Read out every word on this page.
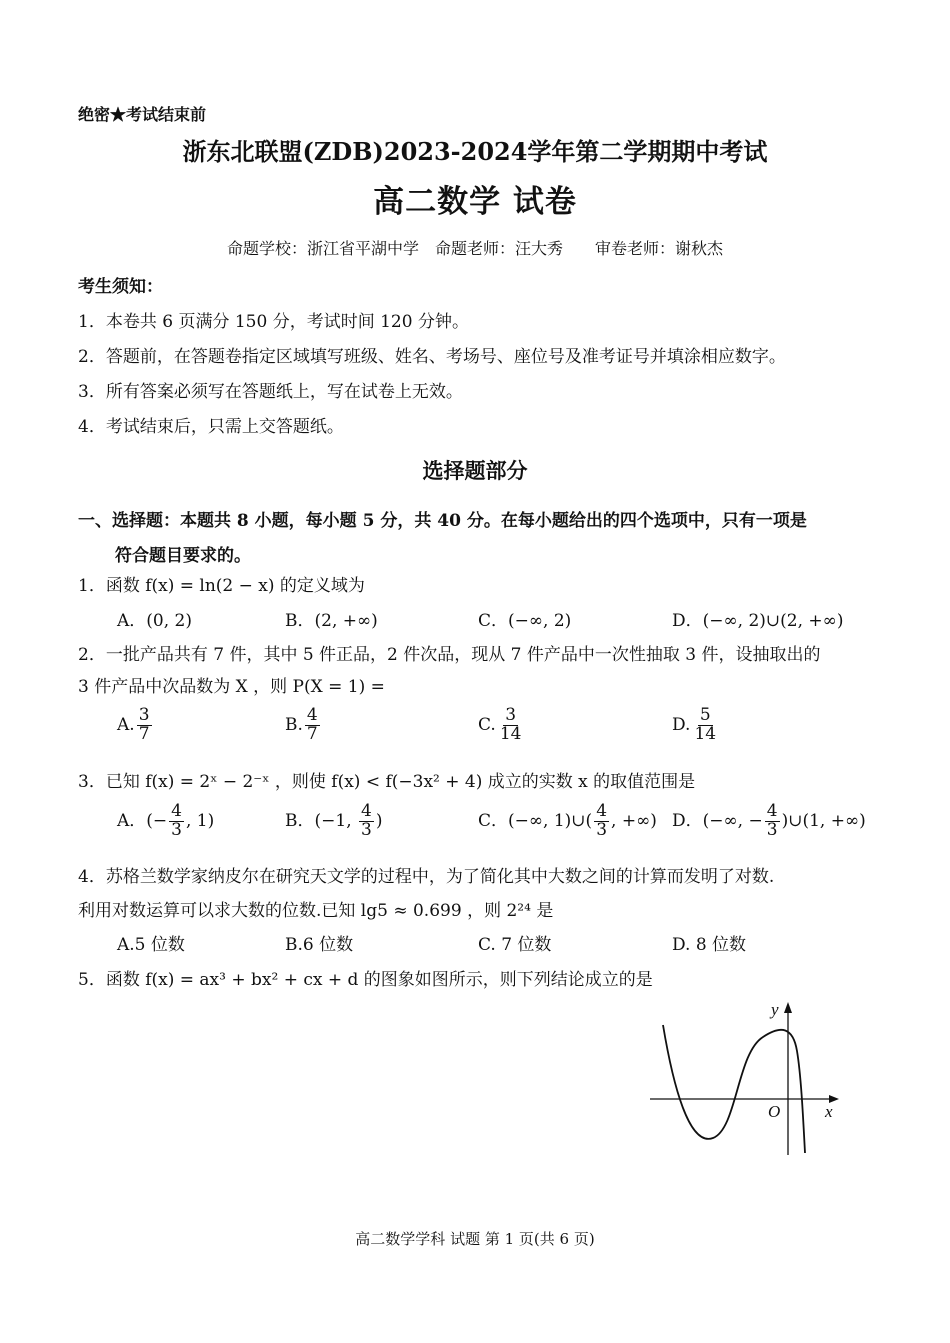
绝密★考试结束前
浙东北联盟(ZDB)2023-2024学年第二学期期中考试
高二数学 试卷
命题学校：浙江省平湖中学　命题老师：汪大秀　　审卷老师：谢秋杰
考生须知：
1．本卷共 6 页满分 150 分，考试时间 120 分钟。
2．答题前，在答题卷指定区域填写班级、姓名、考场号、座位号及准考证号并填涂相应数字。
3．所有答案必须写在答题纸上，写在试卷上无效。
4．考试结束后，只需上交答题纸。
选择题部分
一、选择题：本题共 8 小题，每小题 5 分，共 40 分。在每小题给出的四个选项中，只有一项是
符合题目要求的。
1．函数 f(x) = ln(2 − x) 的定义域为
A．(0, 2)	B．(2, +∞)	C．(−∞, 2)	D．(−∞, 2)∪(2, +∞)
2．一批产品共有 7 件，其中 5 件正品，2 件次品，现从 7 件产品中一次性抽取 3 件，设抽取出的
3 件产品中次品数为 X ，则 P(X = 1) =
A. $\frac{3}{7}$	B. $\frac{4}{7}$	C. $\frac{3}{14}$	D. $\frac{5}{14}$
3．已知 f(x) = 2ˣ − 2⁻ˣ ，则使 f(x) < f(−3x² + 4) 成立的实数 x 的取值范围是
A．(− $\frac{4}{3}$ , 1)	B．(−1, $\frac{4}{3}$ )	C．(−∞, 1)∪( $\frac{4}{3}$ , +∞) D．(−∞, − $\frac{4}{3}$ )∪(1, +∞)
4．苏格兰数学家纳皮尔在研究天文学的过程中，为了简化其中大数之间的计算而发明了对数.
利用对数运算可以求大数的位数.已知 lg5 ≈ 0.699 ，则 2²⁴ 是
A.5 位数	B.6 位数	C. 7 位数	D. 8 位数
5．函数 f(x) = ax³ + bx² + cx + d 的图象如图所示，则下列结论成立的是
y
x
O
高二数学学科 试题 第 1 页(共 6 页)
